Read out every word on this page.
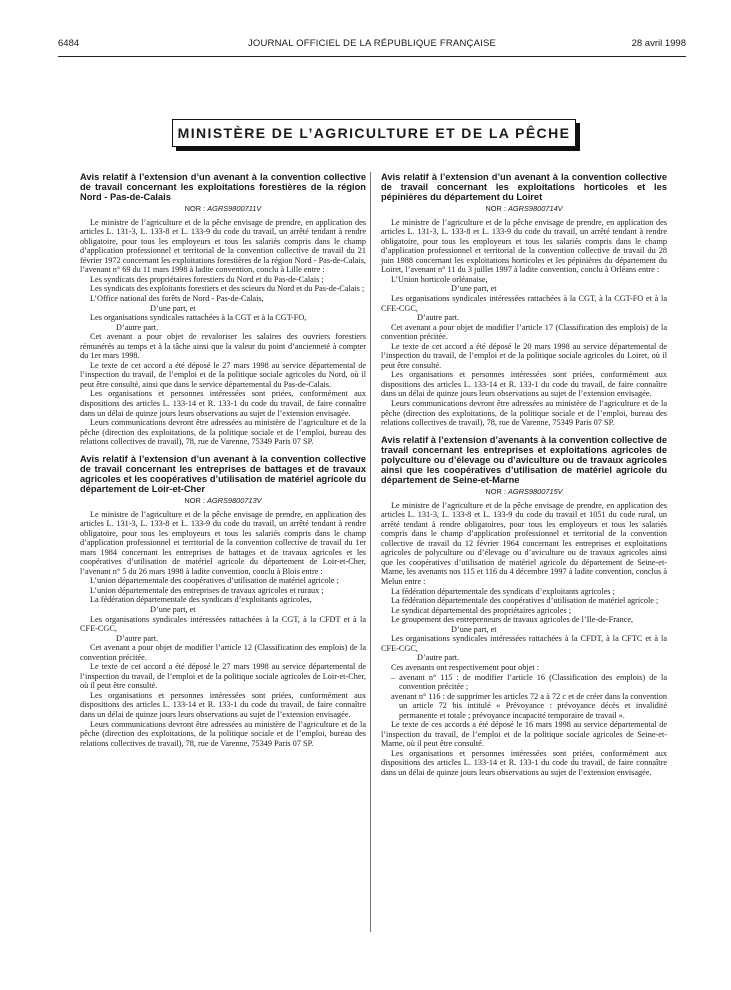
6484	JOURNAL OFFICIEL DE LA RÉPUBLIQUE FRANÇAISE	28 avril 1998
MINISTÈRE DE L’AGRICULTURE ET DE LA PÊCHE

Avis relatif à l’extension d’un avenant à la convention collective de travail concernant les exploitations forestières de la région Nord - Pas-de-Calais

NOR : AGRS9800711V

Le ministre de l’agriculture et de la pêche envisage de prendre, en application des articles L. 131-3, L. 133-8 et L. 133-9 du code du travail, un arrêté tendant à rendre obligatoire, pour tous les employeurs et tous les salariés compris dans le champ d’application professionnel et territorial de la convention collective de travail du 21 février 1972 concernant les exploitations forestières de la région Nord - Pas-de-Calais, l’avenant n° 69 du 11 mars 1998 à ladite convention, conclu à Lille entre :

Les syndicats des propriétaires forestiers du Nord et du Pas-de-Calais ;

Les syndicats des exploitants forestiers et des scieurs du Nord et du Pas-de-Calais ;

L’Office national des forêts de Nord - Pas-de-Calais,

D’une part, et

Les organisations syndicales rattachées à la CGT et à la CGT-FO,

D’autre part.

Cet avenant a pour objet de revaloriser les salaires des ouvriers forestiers rémunérés au temps et à la tâche ainsi que la valeur du point d’ancienneté à compter du 1er mars 1998.

Le texte de cet accord a été déposé le 27 mars 1998 au service départemental de l’inspection du travail, de l’emploi et de la politique sociale agricoles du Nord, où il peut être consulté, ainsi que dans le service départemental du Pas-de-Calais.

Les organisations et personnes intéressées sont priées, conformément aux dispositions des articles L. 133-14 et R. 133-1 du code du travail, de faire connaître dans un délai de quinze jours leurs observations au sujet de l’extension envisagée.

Leurs communications devront être adressées au ministère de l’agriculture et de la pêche (direction des exploitations, de la politique sociale et de l’emploi, bureau des relations collectives de travail), 78, rue de Varenne, 75349 Paris 07 SP.

Avis relatif à l’extension d’un avenant à la convention collective de travail concernant les entreprises de battages et de travaux agricoles et les coopératives d’utilisation de matériel agricole du département de Loir-et-Cher

NOR : AGRS9800713V

Le ministre de l’agriculture et de la pêche envisage de prendre, en application des articles L. 131-3, L. 133-8 et L. 133-9 du code du travail, un arrêté tendant à rendre obligatoire, pour tous les employeurs et tous les salariés compris dans le champ d’application professionnel et territorial de la convention collective de travail du 1er mars 1984 concernant les entreprises de battages et de travaux agricoles et les coopératives d’utilisation de matériel agricole du département de Loir-et-Cher, l’avenant n° 5 du 26 mars 1998 à ladite convention, conclu à Blois entre :

L’union départementale des coopératives d’utilisation de matériel agricole ;

L’union départementale des entreprises de travaux agricoles et ruraux ;

La fédération départementale des syndicats d’exploitants agricoles,

D’une part, et

Les organisations syndicales intéressées rattachées à la CGT, à la CFDT et à la CFE-CGC,

D’autre part.

Cet avenant a pour objet de modifier l’article 12 (Classification des emplois) de la convention précitée.

Le texte de cet accord a été déposé le 27 mars 1998 au service départemental de l’inspection du travail, de l’emploi et de la politique sociale agricoles de Loir-et-Cher, où il peut être consulté.

Les organisations et personnes intéressées sont priées, conformément aux dispositions des articles L. 133-14 et R. 133-1 du code du travail, de faire connaître dans un délai de quinze jours leurs observations au sujet de l’extension envisagée.

Leurs communications devront être adressées au ministère de l’agriculture et de la pêche (direction des exploitations, de la politique sociale et de l’emploi, bureau des relations collectives de travail), 78, rue de Varenne, 75349 Paris 07 SP.

Avis relatif à l’extension d’un avenant à la convention collective de travail concernant les exploitations horticoles et les pépinières du département du Loiret

NOR : AGRS9800714V

Le ministre de l’agriculture et de la pêche envisage de prendre, en application des articles L. 131-3, L. 133-8 et L. 133-9 du code du travail, un arrêté tendant à rendre obligatoire, pour tous les employeurs et tous les salariés compris dans le champ d’application professionnel et territorial de la convention collective de travail du 28 juin 1988 concernant les exploitations horticoles et les pépinières du département du Loiret, l’avenant n° 11 du 3 juillet 1997 à ladite convention, conclu à Orléans entre :

L’Union horticole orléanaise,

D’une part, et

Les organisations syndicales intéressées rattachées à la CGT, à la CGT-FO et à la CFE-CGC,

D’autre part.

Cet avenant a pour objet de modifier l’article 17 (Classification des emplois) de la convention précitée.

Le texte de cet accord a été déposé le 20 mars 1998 au service départemental de l’inspection du travail, de l’emploi et de la politique sociale agricoles du Loiret, où il peut être consulté.

Les organisations et personnes intéressées sont priées, conformément aux dispositions des articles L. 133-14 et R. 133-1 du code du travail, de faire connaître dans un délai de quinze jours leurs observations au sujet de l’extension envisagée.

Leurs communications devront être adressées au ministère de l’agriculture et de la pêche (direction des exploitations, de la politique sociale et de l’emploi, bureau des relations collectives de travail), 78, rue de Varenne, 75349 Paris 07 SP.

Avis relatif à l’extension d’avenants à la convention collective de travail concernant les entreprises et exploitations agricoles de polyculture ou d’élevage ou d’aviculture ou de travaux agricoles ainsi que les coopératives d’utilisation de matériel agricole du département de Seine-et-Marne

NOR : AGRS9800715V

Le ministre de l’agriculture et de la pêche envisage de prendre, en application des articles L. 131-3, L. 133-8 et L. 133-9 du code du travail et 1051 du code rural, un arrêté tendant à rendre obligatoires, pour tous les employeurs et tous les salariés compris dans le champ d’application professionnel et territorial de la convention collective de travail du 12 février 1964 concernant les entreprises et exploitations agricoles de polyculture ou d’élevage ou d’aviculture ou de travaux agricoles ainsi que les coopératives d’utilisation de matériel agricole du département de Seine-et-Marne, les avenants nos 115 et 116 du 4 décembre 1997 à ladite convention, conclus à Melun entre :

La fédération départementale des syndicats d’exploitants agricoles ;

La fédération départementale des coopératives d’utilisation de matériel agricole ;

Le syndicat départemental des propriétaires agricoles ;

Le groupement des entrepreneurs de travaux agricoles de l’Ile-de-France,

D’une part, et

Les organisations syndicales intéressées rattachées à la CFDT, à la CFTC et à la CFE-CGC,

D’autre part.

Ces avenants ont respectivement pour objet :

– avenant n° 115 : de modifier l’article 16 (Classification des emplois) de la convention précitée ;

avenant n° 116 : de supprimer les articles 72 a à 72 c et de créer dans la convention un article 72 bis intitulé « Prévoyance : prévoyance décès et invalidité permanente et totale ; prévoyance incapacité temporaire de travail ».

Le texte de ces accords a été déposé le 16 mars 1998 au service départemental de l’inspection du travail, de l’emploi et de la politique sociale agricoles de Seine-et-Marne, où il peut être consulté.

Les organisations et personnes intéressées sont priées, conformément aux dispositions des articles L. 133-14 et R. 133-1 du code du travail, de faire connaître dans un délai de quinze jours leurs observations au sujet de l’extension envisagée.
